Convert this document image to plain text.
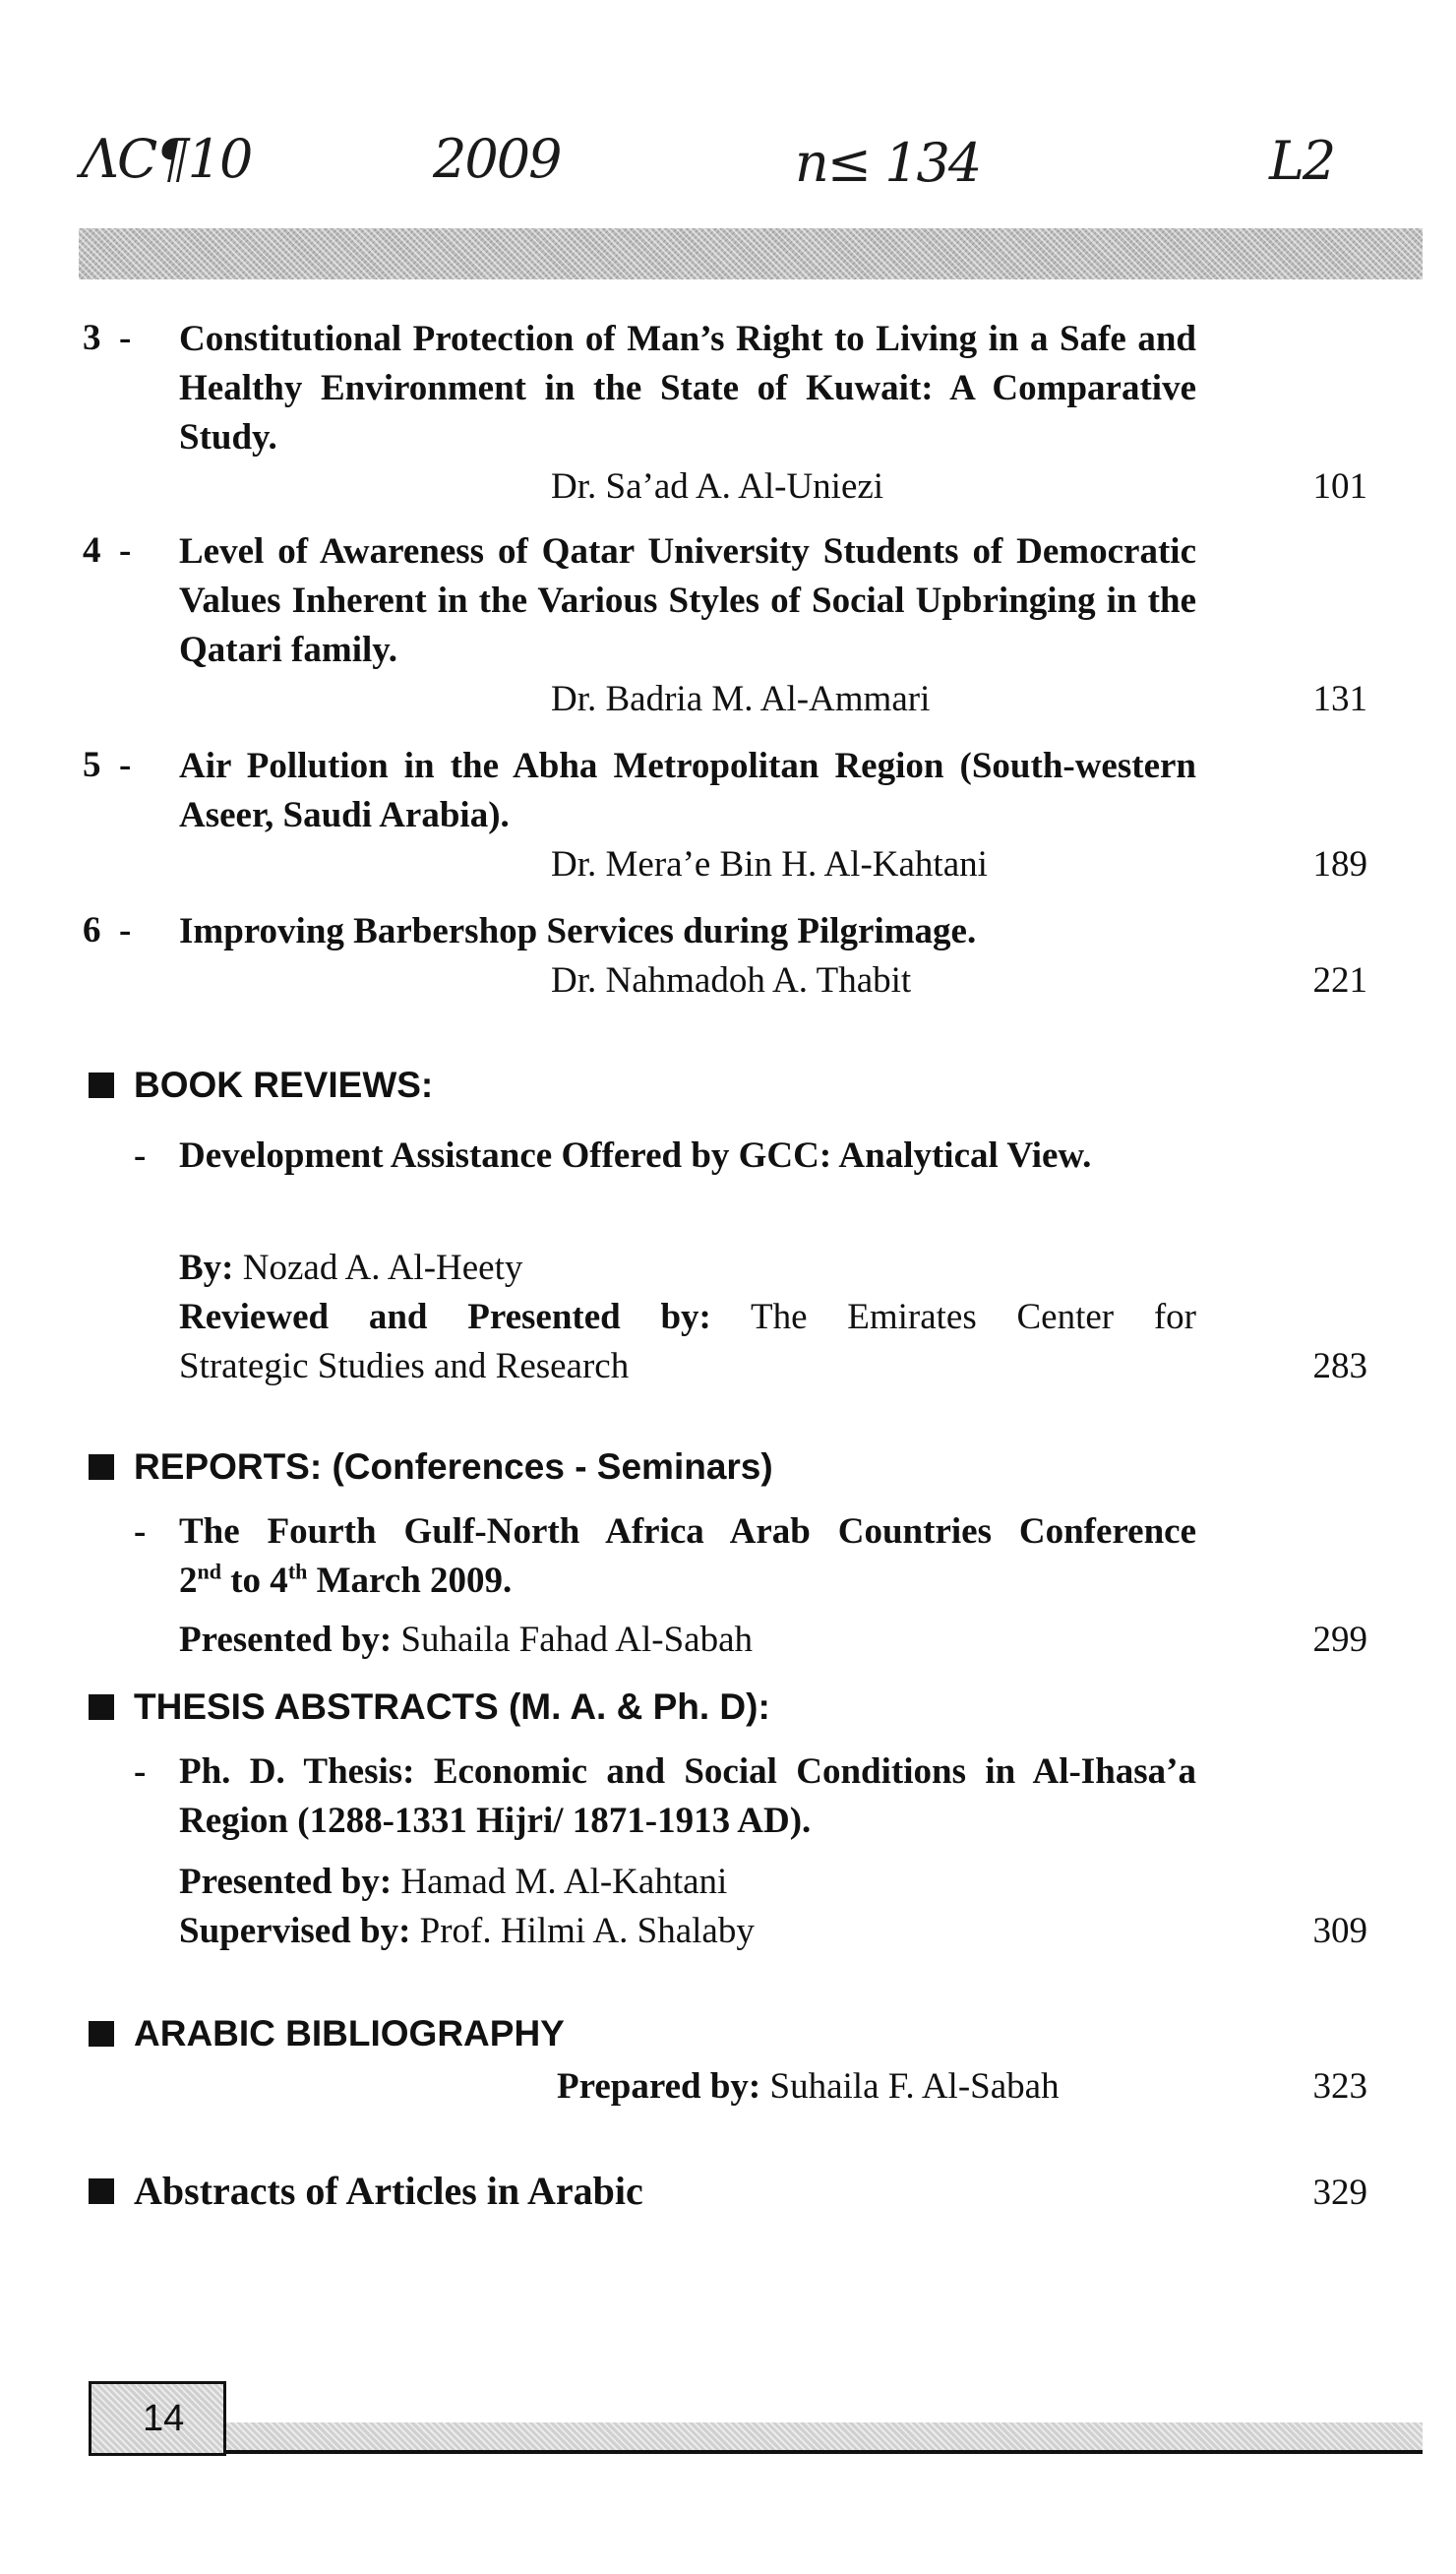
ΛC¶10	2009	n≤ 134	L2
3  - Constitutional Protection of Man’s Right to Living in a Safe and Healthy Environment in the State of Kuwait: A Comparative Study.
Dr. Sa’ad A. Al-Uniezi	101
4  - Level of Awareness of Qatar University Students of Democratic Values Inherent in the Various Styles of Social Upbringing in the Qatari family.
Dr. Badria M. Al-Ammari	131
5  - Air Pollution in the Abha Metropolitan Region (South-western Aseer, Saudi Arabia).
Dr. Mera’e Bin H. Al-Kahtani	189
6  - Improving Barbershop Services during Pilgrimage.
Dr. Nahmadoh A. Thabit	221
BOOK REVIEWS:
- Development Assistance Offered by GCC: Analytical View.
By: Nozad A. Al-Heety
Reviewed and Presented by: The Emirates Center for
Strategic Studies and Research	283
REPORTS: (Conferences - Seminars)
- The Fourth Gulf-North Africa Arab Countries Conference
2nd to 4th March 2009.
Presented by: Suhaila Fahad Al-Sabah	299
THESIS ABSTRACTS (M. A. & Ph. D):
- Ph. D. Thesis: Economic and Social Conditions in Al-Ihasa’a Region (1288-1331 Hijri/ 1871-1913 AD).
Presented by: Hamad M. Al-Kahtani
Supervised by: Prof. Hilmi A. Shalaby	309
ARABIC BIBLIOGRAPHY
Prepared by: Suhaila F. Al-Sabah	323
Abstracts of Articles in Arabic	329
14
